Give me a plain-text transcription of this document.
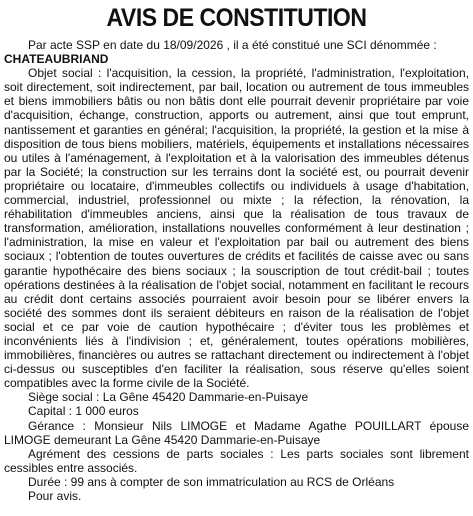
AVIS DE CONSTITUTION

Par acte SSP en date du 18/09/2026 , il a été constitué une SCI dénommée :
CHATEAUBRIAND

Objet social : l'acquisition, la cession, la propriété, l'administration, l'exploitation, soit directement, soit indirectement, par bail, location ou autrement de tous immeubles et biens immobiliers bâtis ou non bâtis dont elle pourrait devenir propriétaire par voie d'acquisition, échange, construction, apports ou autrement, ainsi que tout emprunt, nantissement et garanties en général; l'acquisition, la propriété, la gestion et la mise à disposition de tous biens mobiliers, matériels, équipements et installations nécessaires ou utiles à l'aménagement, à l'exploitation et à la valorisation des immeubles détenus par la Société; la construction sur les terrains dont la société est, ou pourrait devenir propriétaire ou locataire, d'immeubles collectifs ou individuels à usage d'habitation, commercial, industriel, professionnel ou mixte ; la réfection, la rénovation, la réhabilitation d'immeubles anciens, ainsi que la réalisation de tous travaux de transformation, amélioration, installations nouvelles conformément à leur destination ; l'administration, la mise en valeur et l'exploitation par bail ou autrement des biens sociaux ; l'obtention de toutes ouvertures de crédits et facilités de caisse avec ou sans garantie hypothécaire des biens sociaux ; la souscription de tout crédit-bail ; toutes opérations destinées à la réalisation de l'objet social, notamment en facilitant le recours au crédit dont certains associés pourraient avoir besoin pour se libérer envers la société des sommes dont ils seraient débiteurs en raison de la réalisation de l'objet social et ce par voie de caution hypothécaire ; d'éviter tous les problèmes et inconvénients liés à l'indivision ; et, généralement, toutes opérations mobilières, immobilières, financières ou autres se rattachant directement ou indirectement à l'objet ci-dessus ou susceptibles d'en faciliter la réalisation, sous réserve qu'elles soient compatibles avec la forme civile de la Société.

Siège social : La Gêne 45420 Dammarie-en-Puisaye

Capital : 1 000 euros

Gérance : Monsieur Nils LIMOGE et Madame Agathe POUILLART épouse LIMOGE demeurant La Gêne 45420 Dammarie-en-Puisaye

Agrément des cessions de parts sociales : Les parts sociales sont librement cessibles entre associés.

Durée : 99 ans à compter de son immatriculation au RCS de Orléans

Pour avis.
